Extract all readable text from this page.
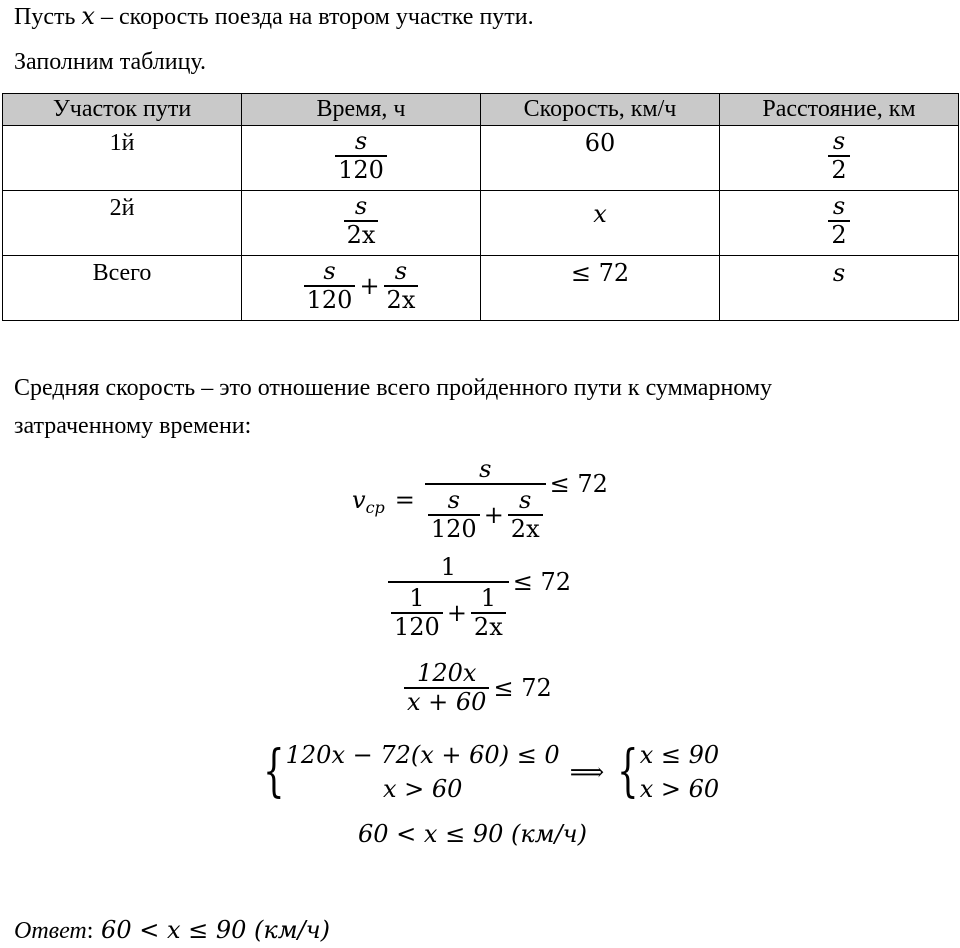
Пусть x – скорость поезда на втором участке пути.
Заполним таблицу.
Участок пути	Время, ч	Скорость, км/ч	Расстояние, км

1й	$\frac{s}{120}$	60	$\frac{s}{2}$

2й	$\frac{s}{2x}$	x	$\frac{s}{2}$

Всего	$\frac{s}{120} + \frac{s}{2x}$	≤ 72	s
Средняя скорость – это отношение всего пройденного пути к суммарному
затраченному времени:
v cp = $\frac{s}{\frac{s}{120} + \frac{s}{2x}} \le 72$
$\frac{1}{\frac{1}{120} + \frac{1}{2x}} \le 72$
$\frac{120x}{x + 60} \le 72$
{ 120x − 72(x + 60) ≤ 0
x > 60
⟹ { x ≤ 90
x > 60
60 < x ≤ 90 (км/ч)
Ответ: 60 < x ≤ 90 (км/ч)
